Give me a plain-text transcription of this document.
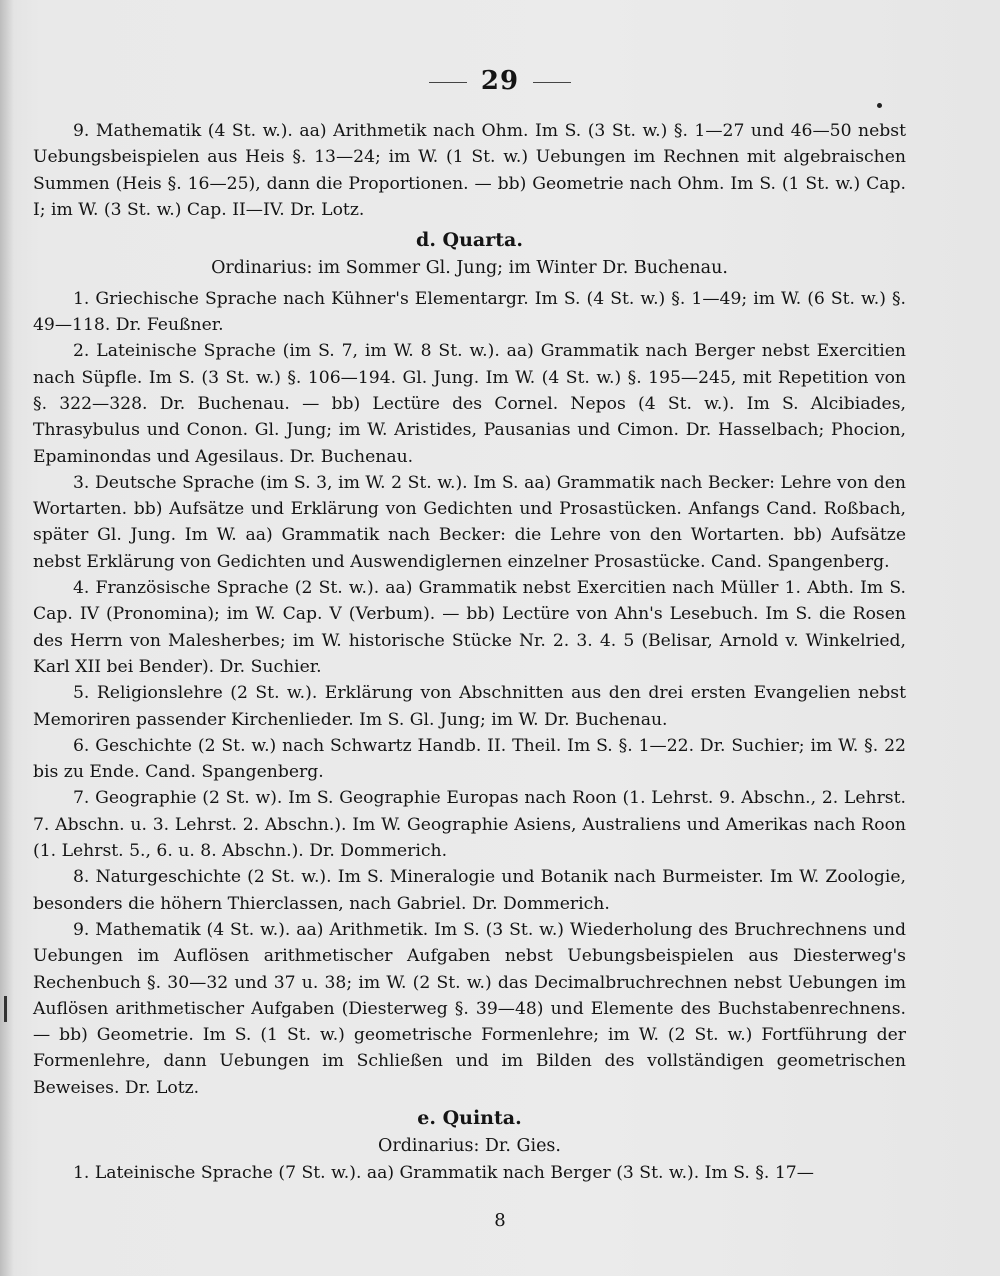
29

9. Mathematik (4 St. w.). aa) Arithmetik nach Ohm. Im S. (3 St. w.) §. 1—27 und 46—50 nebst Uebungsbeispielen aus Heis §. 13—24; im W. (1 St. w.) Uebungen im Rechnen mit algebraischen Summen (Heis §. 16—25), dann die Proportionen. — bb) Geometrie nach Ohm. Im S. (1 St. w.) Cap. I; im W. (3 St. w.) Cap. II—IV. Dr. Lotz.

d. Quarta.
Ordinarius: im Sommer Gl. Jung; im Winter Dr. Buchenau.

1. Griechische Sprache nach Kühner's Elementargr. Im S. (4 St. w.) §. 1—49; im W. (6 St. w.) §. 49—118. Dr. Feußner.

2. Lateinische Sprache (im S. 7, im W. 8 St. w.). aa) Grammatik nach Berger nebst Exercitien nach Süpfle. Im S. (3 St. w.) §. 106—194. Gl. Jung. Im W. (4 St. w.) §. 195—245, mit Repetition von §. 322—328. Dr. Buchenau. — bb) Lectüre des Cornel. Nepos (4 St. w.). Im S. Alcibiades, Thrasybulus und Conon. Gl. Jung; im W. Aristides, Pausanias und Cimon. Dr. Hasselbach; Phocion, Epaminondas und Agesilaus. Dr. Buchenau.

3. Deutsche Sprache (im S. 3, im W. 2 St. w.). Im S. aa) Grammatik nach Becker: Lehre von den Wortarten. bb) Aufsätze und Erklärung von Gedichten und Prosastücken. Anfangs Cand. Roßbach, später Gl. Jung. Im W. aa) Grammatik nach Becker: die Lehre von den Wortarten. bb) Aufsätze nebst Erklärung von Gedichten und Auswendiglernen einzelner Prosastücke. Cand. Spangenberg.

4. Französische Sprache (2 St. w.). aa) Grammatik nebst Exercitien nach Müller 1. Abth. Im S. Cap. IV (Pronomina); im W. Cap. V (Verbum). — bb) Lectüre von Ahn's Lesebuch. Im S. die Rosen des Herrn von Malesherbes; im W. historische Stücke Nr. 2. 3. 4. 5 (Belisar, Arnold v. Winkelried, Karl XII bei Bender). Dr. Suchier.

5. Religionslehre (2 St. w.). Erklärung von Abschnitten aus den drei ersten Evangelien nebst Memoriren passender Kirchenlieder. Im S. Gl. Jung; im W. Dr. Buchenau.

6. Geschichte (2 St. w.) nach Schwartz Handb. II. Theil. Im S. §. 1—22. Dr. Suchier; im W. §. 22 bis zu Ende. Cand. Spangenberg.

7. Geographie (2 St. w). Im S. Geographie Europas nach Roon (1. Lehrst. 9. Abschn., 2. Lehrst. 7. Abschn. u. 3. Lehrst. 2. Abschn.). Im W. Geographie Asiens, Australiens und Amerikas nach Roon (1. Lehrst. 5., 6. u. 8. Abschn.). Dr. Dommerich.

8. Naturgeschichte (2 St. w.). Im S. Mineralogie und Botanik nach Burmeister. Im W. Zoologie, besonders die höhern Thierclassen, nach Gabriel. Dr. Dommerich.

9. Mathematik (4 St. w.). aa) Arithmetik. Im S. (3 St. w.) Wiederholung des Bruchrechnens und Uebungen im Auflösen arithmetischer Aufgaben nebst Uebungsbeispielen aus Diesterweg's Rechenbuch §. 30—32 und 37 u. 38; im W. (2 St. w.) das Decimalbruchrechnen nebst Uebungen im Auflösen arithmetischer Aufgaben (Diesterweg §. 39—48) und Elemente des Buchstabenrechnens. — bb) Geometrie. Im S. (1 St. w.) geometrische Formenlehre; im W. (2 St. w.) Fortführung der Formenlehre, dann Uebungen im Schließen und im Bilden des vollständigen geometrischen Beweises. Dr. Lotz.

e. Quinta.
Ordinarius: Dr. Gies.

1. Lateinische Sprache (7 St. w.). aa) Grammatik nach Berger (3 St. w.). Im S. §. 17—

8
